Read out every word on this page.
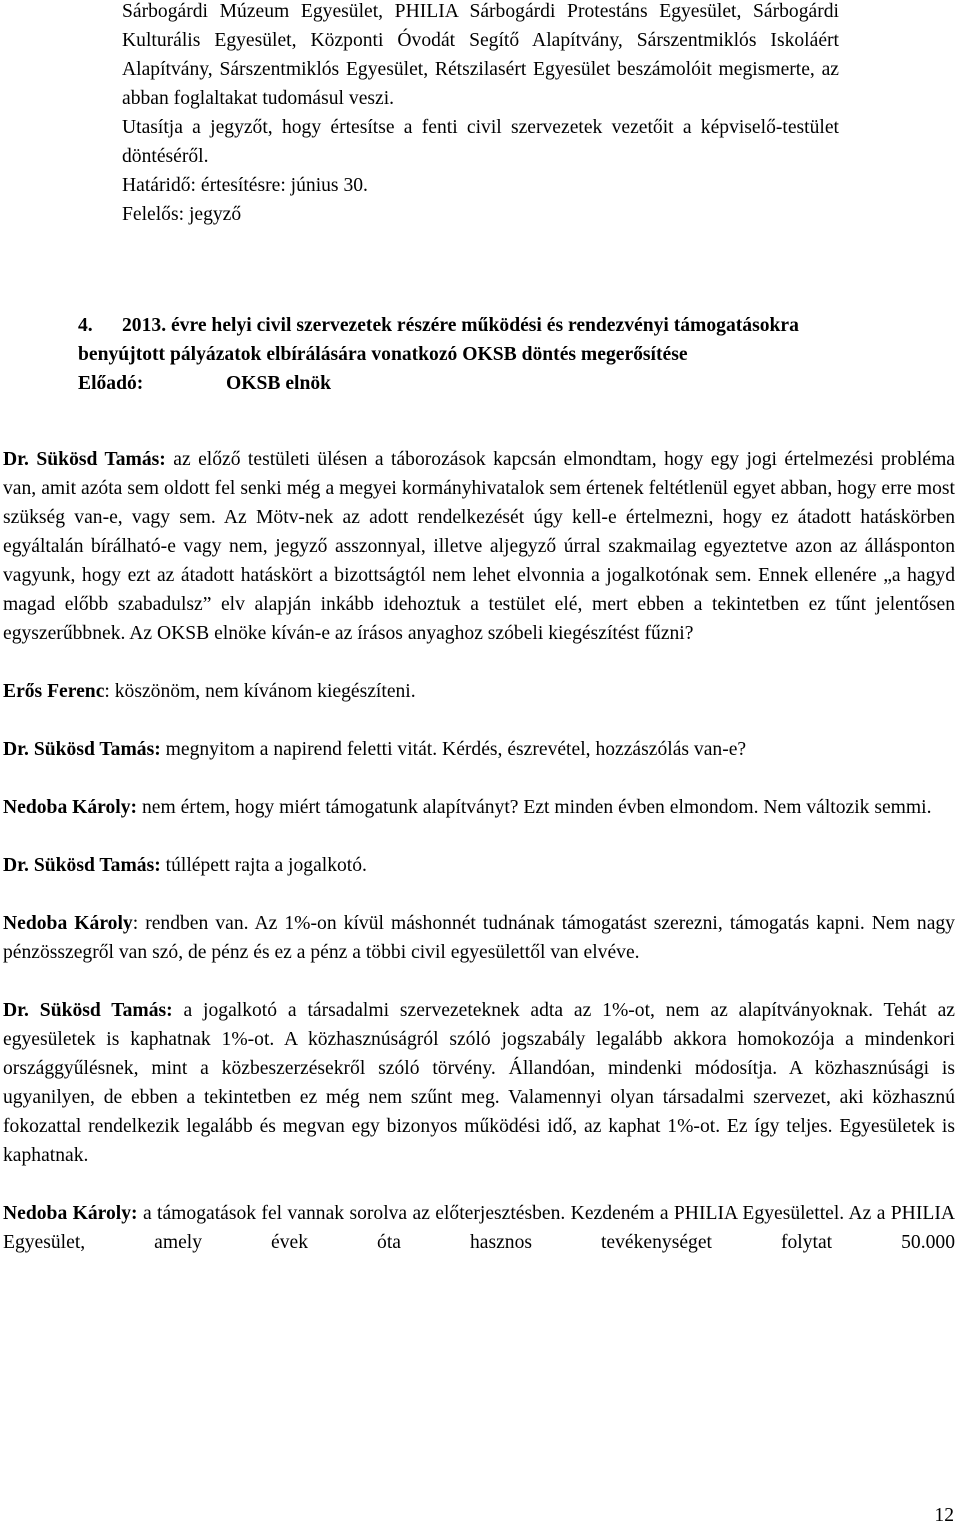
Sárbogárdi Múzeum Egyesület, PHILIA Sárbogárdi Protestáns Egyesület, Sárbogárdi Kulturális Egyesület, Központi Óvodát Segítő Alapítvány, Sárszentmiklós Iskoláért Alapítvány, Sárszentmiklós Egyesület, Rétszilasért Egyesület beszámolóit megismerte, az abban foglaltakat tudomásul veszi.

Utasítja a jegyzőt, hogy értesítse a fenti civil szervezetek vezetőit a képviselő-testület döntéséről.

Határidő: értesítésre: június 30.

Felelős: jegyző

4. 2013. évre helyi civil szervezetek részére működési és rendezvényi támogatásokra
benyújtott pályázatok elbírálására vonatkozó OKSB döntés megerősítése
Előadó:	OKSB elnök

Dr. Sükösd Tamás: az előző testületi ülésen a táborozások kapcsán elmondtam, hogy egy jogi értelmezési probléma van, amit azóta sem oldott fel senki még a megyei kormányhivatalok sem értenek feltétlenül egyet abban, hogy erre most szükség van-e, vagy sem. Az Mötv-nek az adott rendelkezését úgy kell-e értelmezni, hogy ez átadott hatáskörben egyáltalán bírálható-e vagy nem, jegyző asszonnyal, illetve aljegyző úrral szakmailag egyeztetve azon az állásponton vagyunk, hogy ezt az átadott hatáskört a bizottságtól nem lehet elvonnia a jogalkotónak sem. Ennek ellenére „a hagyd magad előbb szabadulsz” elv alapján inkább idehoztuk a testület elé, mert ebben a tekintetben ez tűnt jelentősen egyszerűbbnek. Az OKSB elnöke kíván-e az írásos anyaghoz szóbeli kiegészítést fűzni?

Erős Ferenc: köszönöm, nem kívánom kiegészíteni.

Dr. Sükösd Tamás: megnyitom a napirend feletti vitát. Kérdés, észrevétel, hozzászólás van-e?

Nedoba Károly: nem értem, hogy miért támogatunk alapítványt? Ezt minden évben elmondom. Nem változik semmi.

Dr. Sükösd Tamás: túllépett rajta a jogalkotó.

Nedoba Károly: rendben van. Az 1%-on kívül máshonnét tudnának támogatást szerezni, támogatás kapni. Nem nagy pénzösszegről van szó, de pénz és ez a pénz a többi civil egyesülettől van elvéve.

Dr. Sükösd Tamás: a jogalkotó a társadalmi szervezeteknek adta az 1%-ot, nem az alapítványoknak. Tehát az egyesületek is kaphatnak 1%-ot. A közhasznúságról szóló jogszabály legalább akkora homokozója a mindenkori országgyűlésnek, mint a közbeszerzésekről szóló törvény. Állandóan, mindenki módosítja. A közhasznúsági is ugyanilyen, de ebben a tekintetben ez még nem szűnt meg. Valamennyi olyan társadalmi szervezet, aki közhasznú fokozattal rendelkezik legalább és megvan egy bizonyos működési idő, az kaphat 1%-ot. Ez így teljes. Egyesületek is kaphatnak.

Nedoba Károly: a támogatások fel vannak sorolva az előterjesztésben. Kezdeném a PHILIA Egyesülettel. Az a PHILIA Egyesület, amely évek óta hasznos tevékenységet folytat 50.000

12
